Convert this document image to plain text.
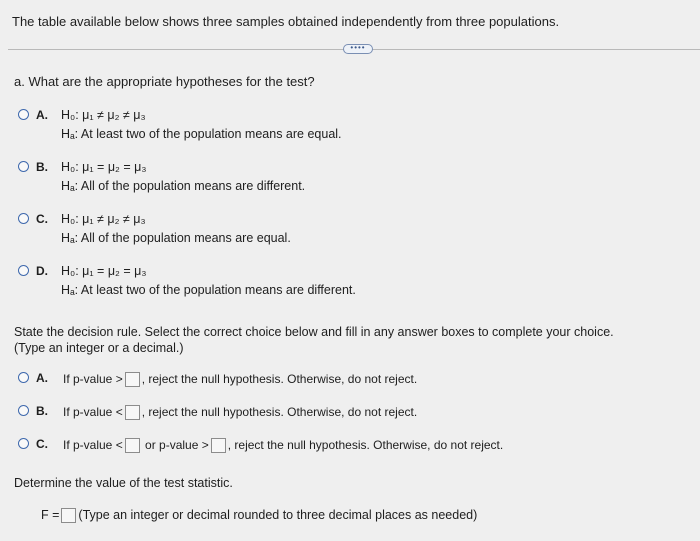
The table available below shows three samples obtained independently from three populations.
••••
a. What are the appropriate hypotheses for the test?
A. H₀: μ₁ ≠ μ₂ ≠ μ₃
Hₐ: At least two of the population means are equal.
B. H₀: μ₁ = μ₂ = μ₃
Hₐ: All of the population means are different.
C. H₀: μ₁ ≠ μ₂ ≠ μ₃
Hₐ: All of the population means are equal.
D. H₀: μ₁ = μ₂ = μ₃
Hₐ: At least two of the population means are different.
State the decision rule. Select the correct choice below and fill in any answer boxes to complete your choice.
(Type an integer or a decimal.)
A. If p-value > , reject the null hypothesis. Otherwise, do not reject.
B. If p-value < , reject the null hypothesis. Otherwise, do not reject.
C. If p-value < or p-value > , reject the null hypothesis. Otherwise, do not reject.
Determine the value of the test statistic.
F = (Type an integer or decimal rounded to three decimal places as needed)
